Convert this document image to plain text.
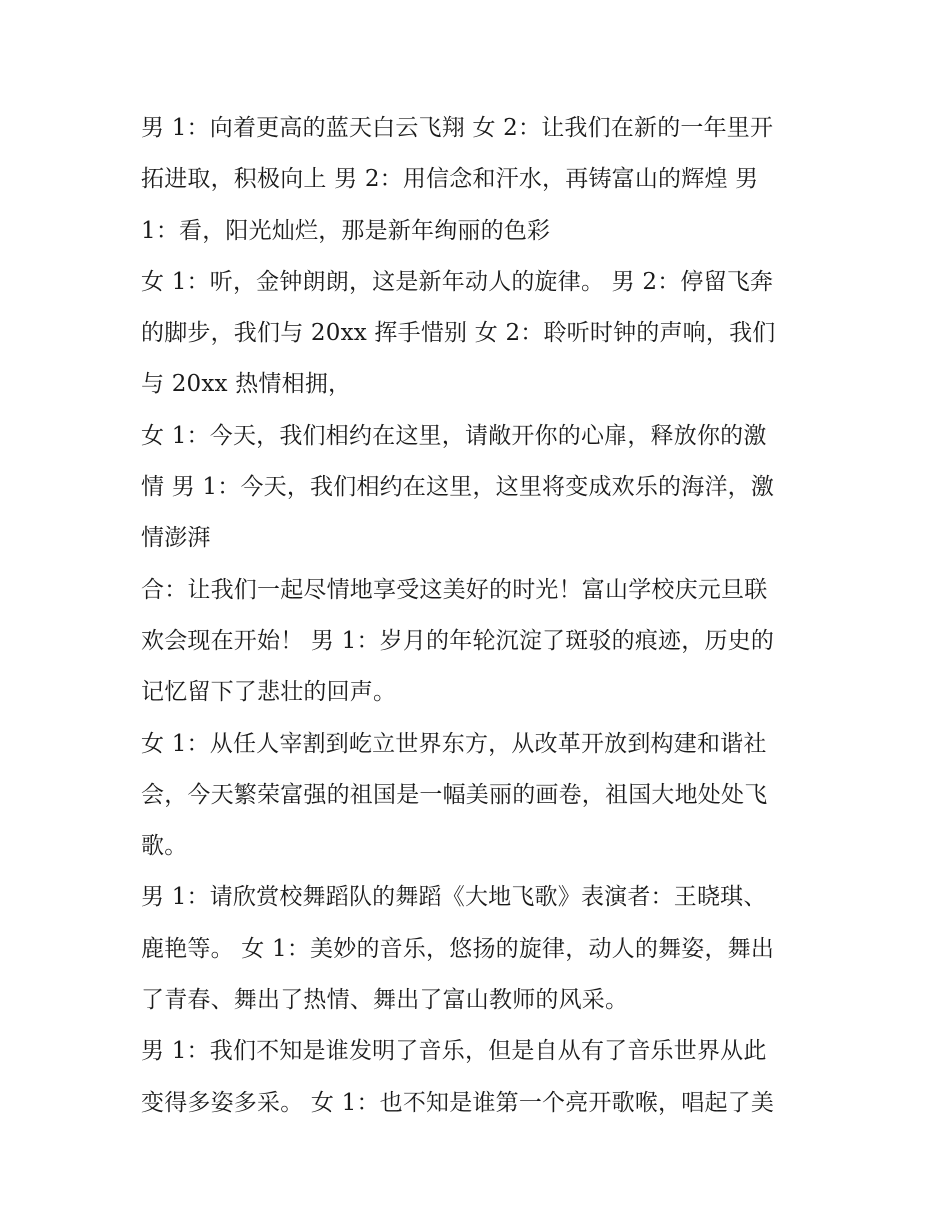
男 1：向着更高的蓝天白云飞翔 女 2：让我们在新的一年里开
拓进取，积极向上 男 2：用信念和汗水，再铸富山的辉煌 男
1：看，阳光灿烂，那是新年绚丽的色彩
女 1：听，金钟朗朗，这是新年动人的旋律。 男 2：停留飞奔
的脚步，我们与 20xx 挥手惜别 女 2：聆听时钟的声响，我们
与 20xx 热情相拥，
女 1：今天，我们相约在这里，请敞开你的心扉，释放你的激
情 男 1：今天，我们相约在这里，这里将变成欢乐的海洋，激
情澎湃
合：让我们一起尽情地享受这美好的时光！富山学校庆元旦联
欢会现在开始！ 男 1：岁月的年轮沉淀了斑驳的痕迹，历史的
记忆留下了悲壮的回声。
女 1：从任人宰割到屹立世界东方，从改革开放到构建和谐社
会，今天繁荣富强的祖国是一幅美丽的画卷，祖国大地处处飞
歌。
男 1：请欣赏校舞蹈队的舞蹈《大地飞歌》表演者：王晓琪、
鹿艳等。 女 1：美妙的音乐，悠扬的旋律，动人的舞姿，舞出
了青春、舞出了热情、舞出了富山教师的风采。
男 1：我们不知是谁发明了音乐，但是自从有了音乐世界从此
变得多姿多采。 女 1：也不知是谁第一个亮开歌喉，唱起了美
